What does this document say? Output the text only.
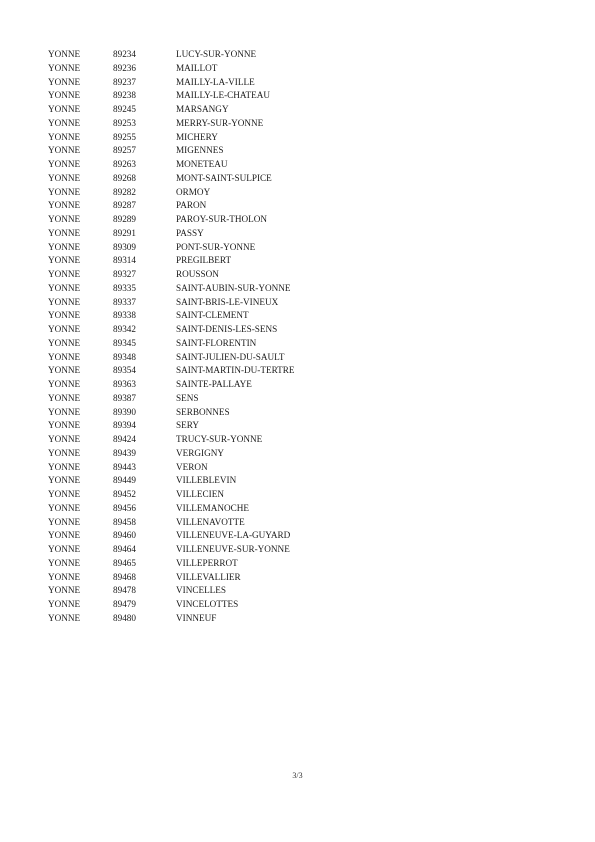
YONNE	89234	LUCY-SUR-YONNE
YONNE	89236	MAILLOT
YONNE	89237	MAILLY-LA-VILLE
YONNE	89238	MAILLY-LE-CHATEAU
YONNE	89245	MARSANGY
YONNE	89253	MERRY-SUR-YONNE
YONNE	89255	MICHERY
YONNE	89257	MIGENNES
YONNE	89263	MONETEAU
YONNE	89268	MONT-SAINT-SULPICE
YONNE	89282	ORMOY
YONNE	89287	PARON
YONNE	89289	PAROY-SUR-THOLON
YONNE	89291	PASSY
YONNE	89309	PONT-SUR-YONNE
YONNE	89314	PREGILBERT
YONNE	89327	ROUSSON
YONNE	89335	SAINT-AUBIN-SUR-YONNE
YONNE	89337	SAINT-BRIS-LE-VINEUX
YONNE	89338	SAINT-CLEMENT
YONNE	89342	SAINT-DENIS-LES-SENS
YONNE	89345	SAINT-FLORENTIN
YONNE	89348	SAINT-JULIEN-DU-SAULT
YONNE	89354	SAINT-MARTIN-DU-TERTRE
YONNE	89363	SAINTE-PALLAYE
YONNE	89387	SENS
YONNE	89390	SERBONNES
YONNE	89394	SERY
YONNE	89424	TRUCY-SUR-YONNE
YONNE	89439	VERGIGNY
YONNE	89443	VERON
YONNE	89449	VILLEBLEVIN
YONNE	89452	VILLECIEN
YONNE	89456	VILLEMANOCHE
YONNE	89458	VILLENAVOTTE
YONNE	89460	VILLENEUVE-LA-GUYARD
YONNE	89464	VILLENEUVE-SUR-YONNE
YONNE	89465	VILLEPERROT
YONNE	89468	VILLEVALLIER
YONNE	89478	VINCELLES
YONNE	89479	VINCELOTTES
YONNE	89480	VINNEUF
3/3
